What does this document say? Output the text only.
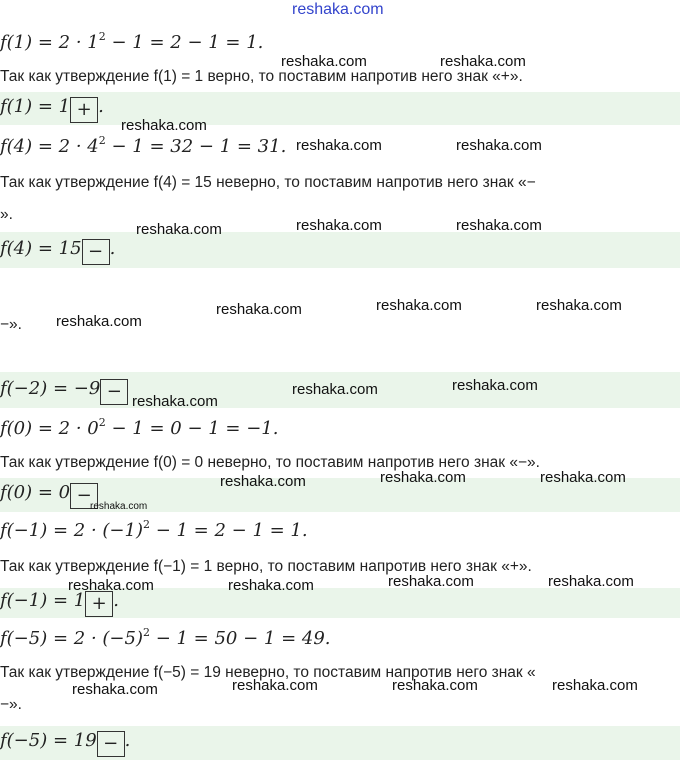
reshaka.com
$f(1) = 2 \cdot 1^2 - 1 = 2 - 1 = 1$.
Так как утверждение f(1) = 1 верно, то поставим напротив него знак «+».
f(1) = 1 + .
$f(4) = 2 \cdot 4^2 - 1 = 32 - 1 = 31$.
Так как утверждение f(4) = 15 неверно, то поставим напротив него знак «−
».
f(4) = 15 − .
−».
f(−2) = −9 −
$f(0) = 2 \cdot 0^2 - 1 = 0 - 1 = -1$.
Так как утверждение f(0) = 0 неверно, то поставим напротив него знак «−».
f(0) = 0 −
$f(-1) = 2 \cdot (-1)^2 - 1 = 2 - 1 = 1$.
Так как утверждение f(−1) = 1 верно, то поставим напротив него знак «+».
f(−1) = 1 + .
$f(-5) = 2 \cdot (-5)^2 - 1 = 50 - 1 = 49$.
Так как утверждение f(−5) = 19 неверно, то поставим напротив него знак «
−».
f(−5) = 19 − .
reshaka.com	reshaka.com
reshaka.com
reshaka.com	reshaka.com
reshaka.com	reshaka.com	reshaka.com
reshaka.com	reshaka.com	reshaka.com
reshaka.com
reshaka.com	reshaka.com
reshaka.com
reshaka.com	reshaka.com	reshaka.com
reshaka.com
reshaka.com	reshaka.com	reshaka.com	reshaka.com
reshaka.com	reshaka.com	reshaka.com	reshaka.com
